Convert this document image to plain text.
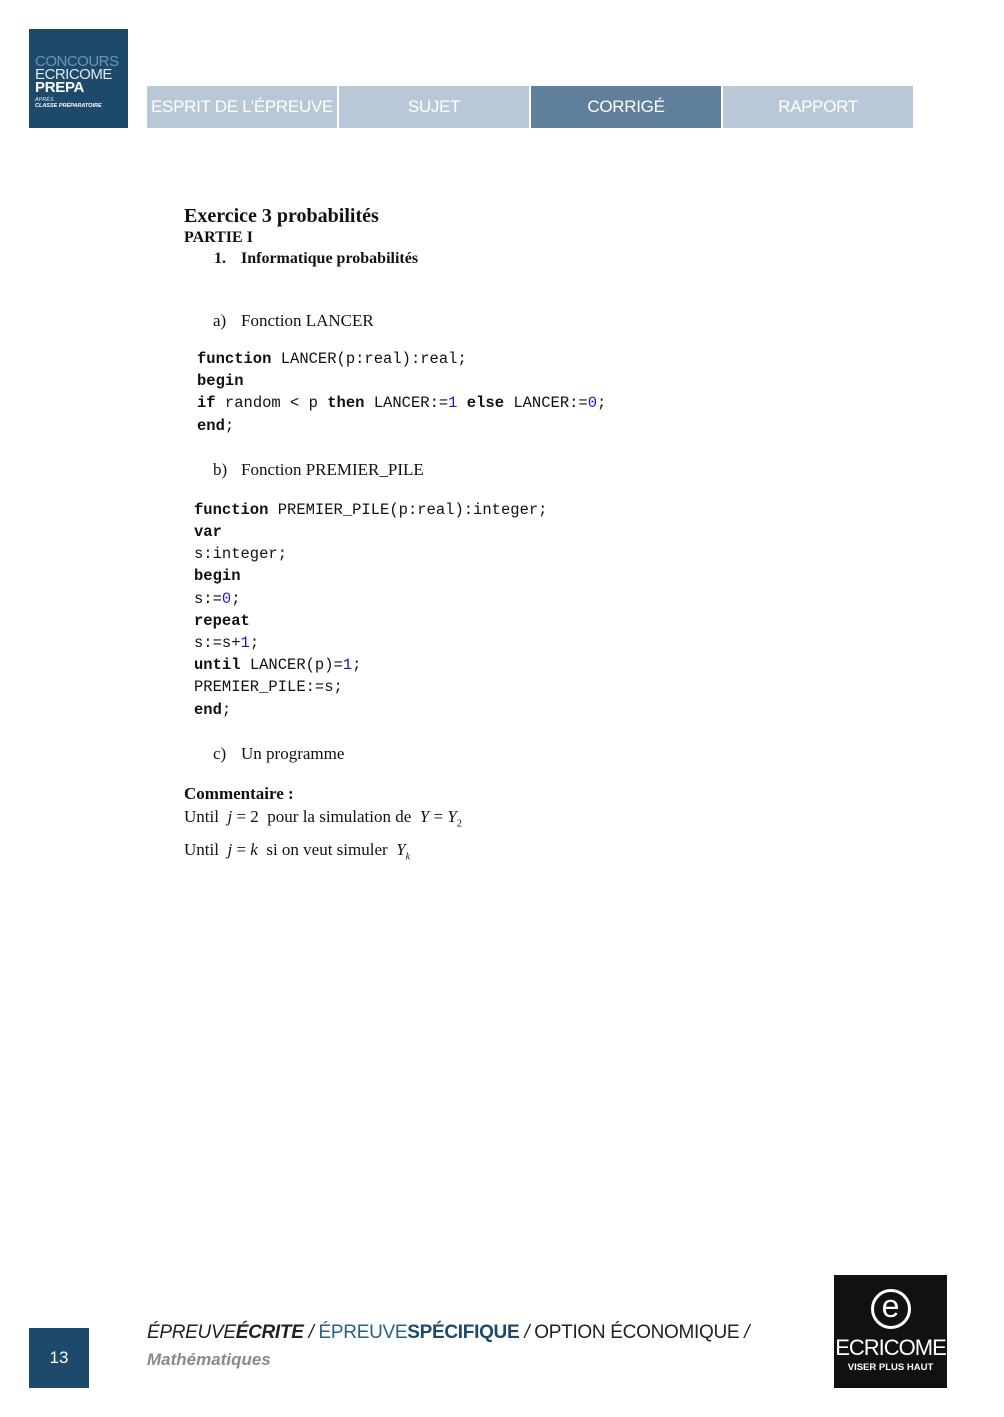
CONCOURS
ECRICOME
PREPA
APRÈS
CLASSE PRÉPARATOIRE	ESPRIT DE L’ÉPREUVE	SUJET	CORRIGÉ	RAPPORT
Exercice 3 probabilités
PARTIE I
1. Informatique probabilités
a) Fonction LANCER
function LANCER(p:real):real;
begin
if random < p then LANCER:=1 else LANCER:=0;
end;
b) Fonction PREMIER_PILE
function PREMIER_PILE(p:real):integer;
var
s:integer;
begin
s:=0;
repeat
s:=s+1;
until LANCER(p)=1;
PREMIER_PILE:=s;
end;
c) Un programme
Commentaire :
Until j = 2 pour la simulation de $Y = Y_2$
Until j = k si on veut simuler $Y_k$
13
ÉPREUVEÉCRITE / ÉPREUVESPÉCIFIQUE / OPTION ÉCONOMIQUE /
Mathématiques
e
ECRICOME
VISER PLUS HAUT
